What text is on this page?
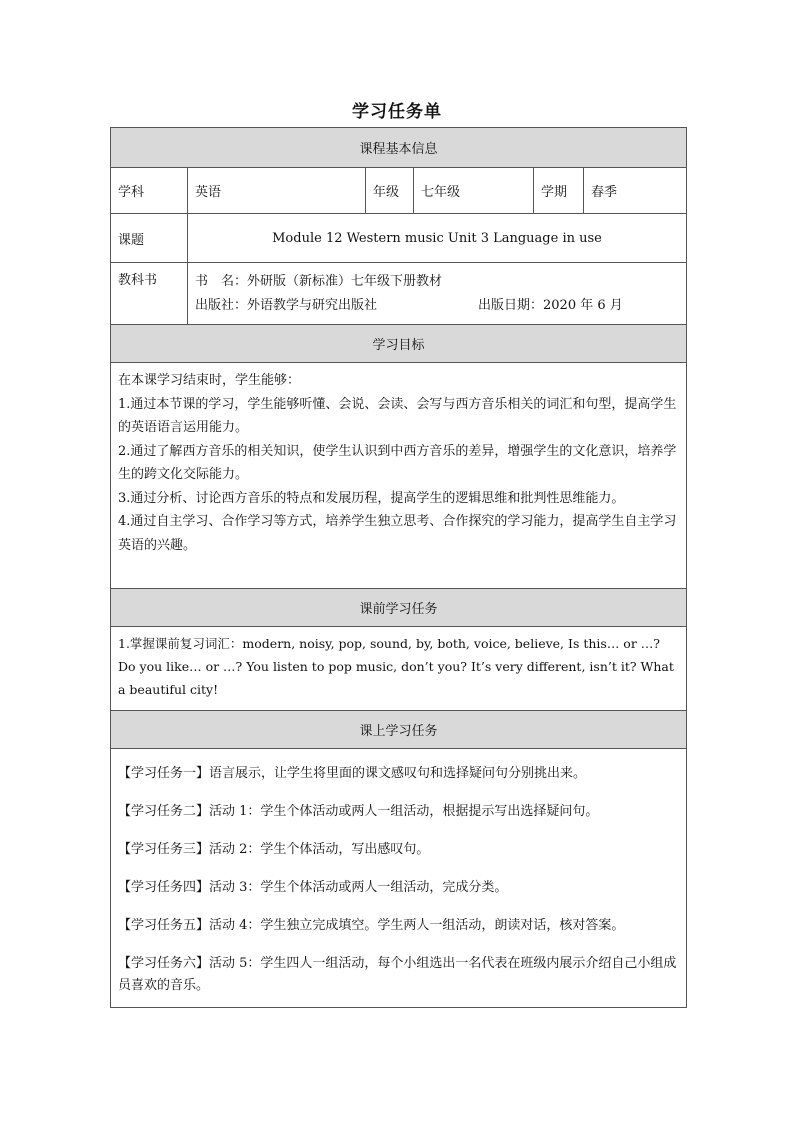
学习任务单
课程基本信息
学科	英语	年级	七年级	学期	春季
课题	Module 12 Western music Unit 3 Language in use
教科书	书　名：外研版（新标准）七年级下册教材
出版社：外语教学与研究出版社	出版日期：2020 年 6 月
学习目标

在本课学习结束时，学生能够：

1.通过本节课的学习，学生能够听懂、会说、会读、会写与西方音乐相关的词汇和句型，提高学生的英语语言运用能力。

2.通过了解西方音乐的相关知识，使学生认识到中西方音乐的差异，增强学生的文化意识，培养学生的跨文化交际能力。

3.通过分析、讨论西方音乐的特点和发展历程，提高学生的逻辑思维和批判性思维能力。

4.通过自主学习、合作学习等方式，培养学生独立思考、合作探究的学习能力，提高学生自主学习英语的兴趣。

课前学习任务

1.掌握课前复习词汇：modern, noisy, pop, sound, by, both, voice, believe, Is this… or …? Do you like… or …? You listen to pop music, don’t you? It’s very different, isn’t it? What a beautiful city!

课上学习任务

【学习任务一】语言展示，让学生将里面的课文感叹句和选择疑问句分别挑出来。

【学习任务二】活动 1：学生个体活动或两人一组活动，根据提示写出选择疑问句。

【学习任务三】活动 2：学生个体活动，写出感叹句。

【学习任务四】活动 3：学生个体活动或两人一组活动，完成分类。

【学习任务五】活动 4：学生独立完成填空。学生两人一组活动，朗读对话，核对答案。

【学习任务六】活动 5：学生四人一组活动，每个小组选出一名代表在班级内展示介绍自己小组成员喜欢的音乐。
